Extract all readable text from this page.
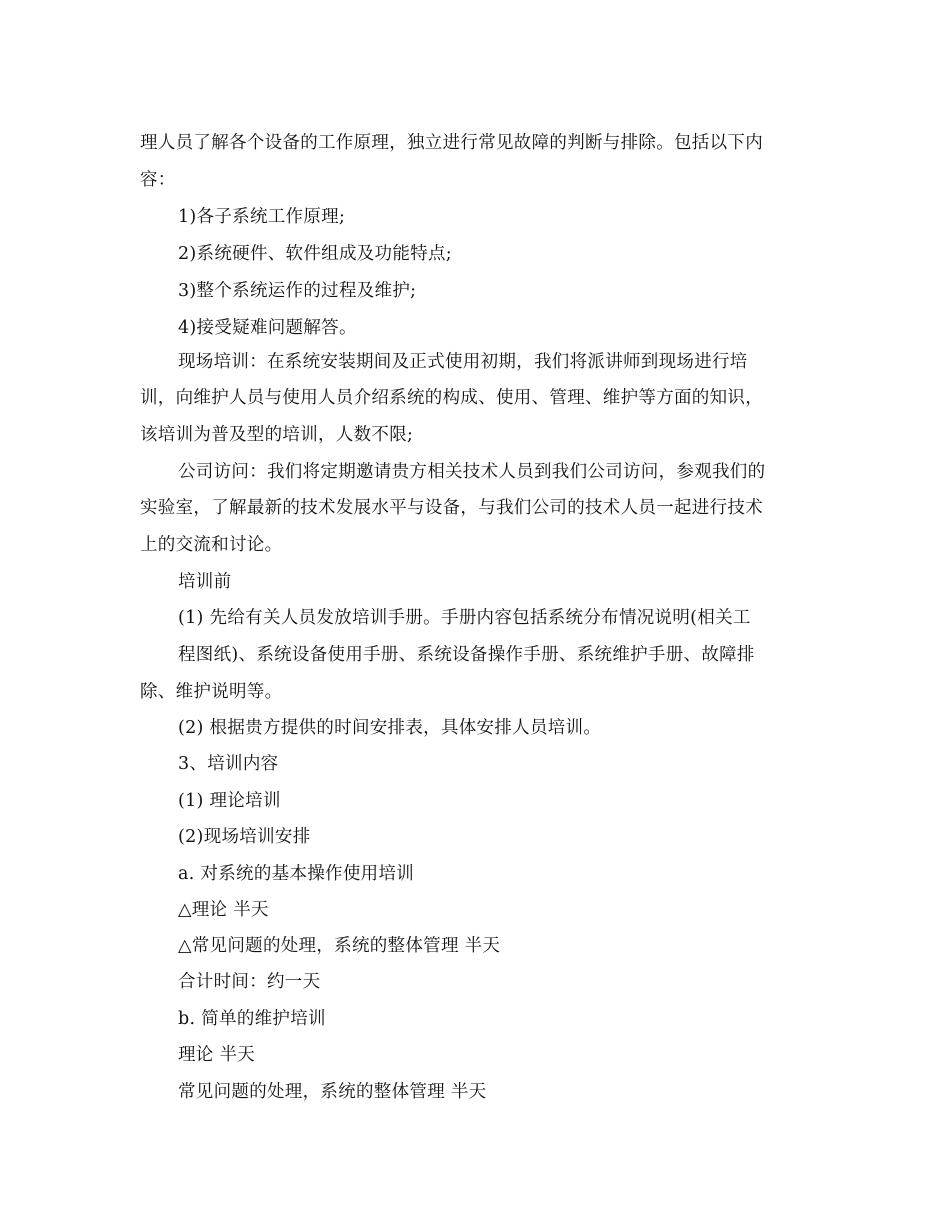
理人员了解各个设备的工作原理，独立进行常见故障的判断与排除。包括以下内
容：
1)各子系统工作原理;
2)系统硬件、软件组成及功能特点;
3)整个系统运作的过程及维护;
4)接受疑难问题解答。
现场培训：在系统安装期间及正式使用初期，我们将派讲师到现场进行培
训，向维护人员与使用人员介绍系统的构成、使用、管理、维护等方面的知识，
该培训为普及型的培训，人数不限;
公司访问：我们将定期邀请贵方相关技术人员到我们公司访问，参观我们的
实验室，了解最新的技术发展水平与设备，与我们公司的技术人员一起进行技术
上的交流和讨论。
培训前
(1) 先给有关人员发放培训手册。手册内容包括系统分布情况说明(相关工
程图纸)、系统设备使用手册、系统设备操作手册、系统维护手册、故障排
除、维护说明等。
(2) 根据贵方提供的时间安排表，具体安排人员培训。
3、培训内容
(1) 理论培训
(2)现场培训安排
a. 对系统的基本操作使用培训
△理论 半天
△常见问题的处理，系统的整体管理 半天
合计时间：约一天
b. 简单的维护培训
理论 半天
常见问题的处理，系统的整体管理 半天
